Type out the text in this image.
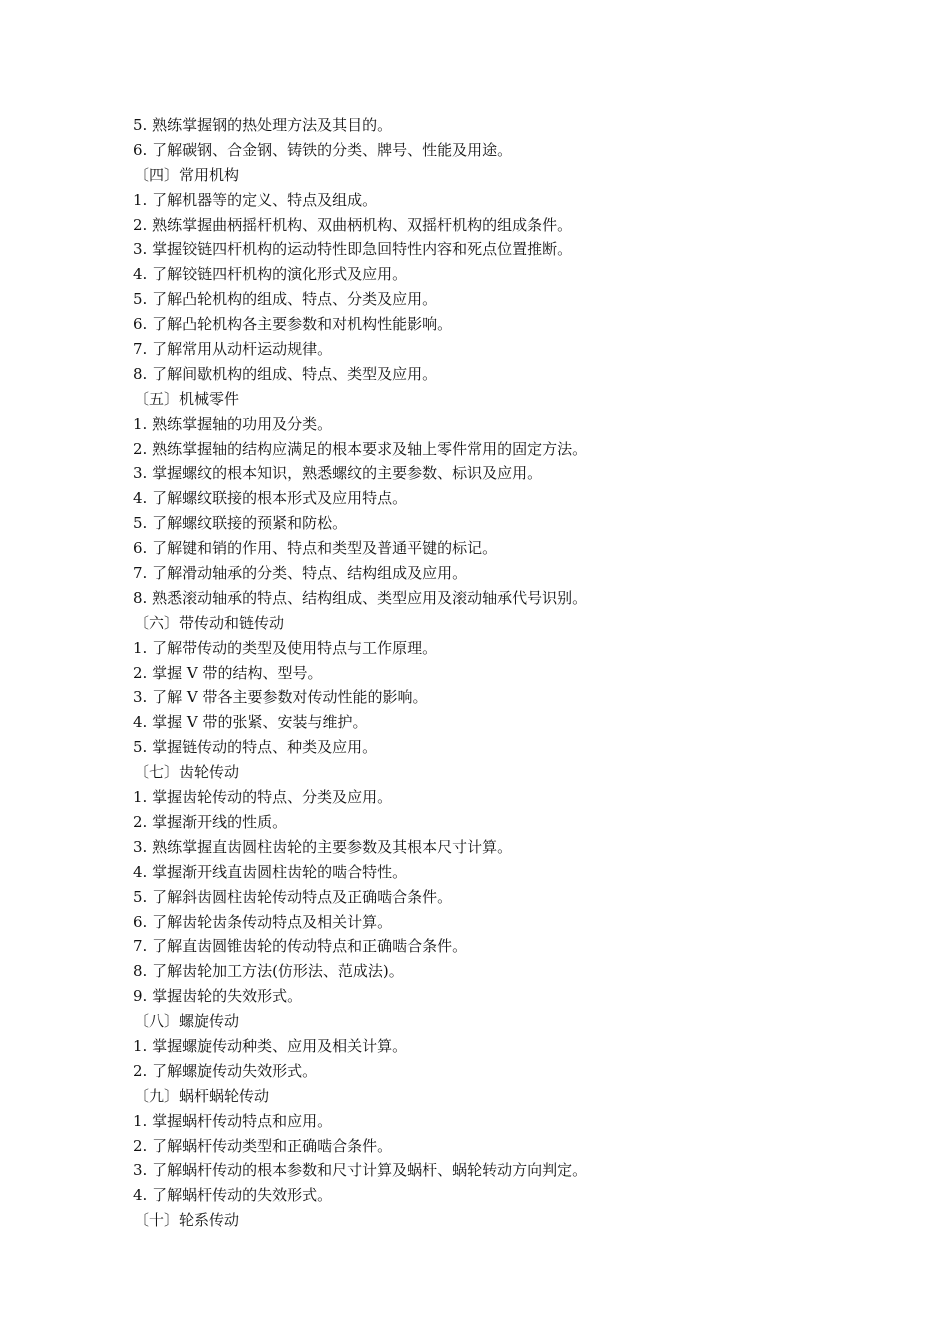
5. 熟练掌握钢的热处理方法及其目的。
6. 了解碳钢、合金钢、铸铁的分类、牌号、性能及用途。
〔四〕常用机构
1. 了解机器等的定义、特点及组成。
2. 熟练掌握曲柄摇杆机构、双曲柄机构、双摇杆机构的组成条件。
3. 掌握铰链四杆机构的运动特性即急回特性内容和死点位置推断。
4. 了解铰链四杆机构的演化形式及应用。
5. 了解凸轮机构的组成、特点、分类及应用。
6. 了解凸轮机构各主要参数和对机构性能影响。
7. 了解常用从动杆运动规律。
8. 了解间歇机构的组成、特点、类型及应用。
〔五〕机械零件
1. 熟练掌握轴的功用及分类。
2. 熟练掌握轴的结构应满足的根本要求及轴上零件常用的固定方法。
3. 掌握螺纹的根本知识，熟悉螺纹的主要参数、标识及应用。
4. 了解螺纹联接的根本形式及应用特点。
5. 了解螺纹联接的预紧和防松。
6. 了解键和销的作用、特点和类型及普通平键的标记。
7. 了解滑动轴承的分类、特点、结构组成及应用。
8. 熟悉滚动轴承的特点、结构组成、类型应用及滚动轴承代号识别。
〔六〕带传动和链传动
1. 了解带传动的类型及使用特点与工作原理。
2. 掌握 V 带的结构、型号。
3. 了解 V 带各主要参数对传动性能的影响。
4. 掌握 V 带的张紧、安装与维护。
5. 掌握链传动的特点、种类及应用。
〔七〕齿轮传动
1. 掌握齿轮传动的特点、分类及应用。
2. 掌握渐开线的性质。
3. 熟练掌握直齿圆柱齿轮的主要参数及其根本尺寸计算。
4. 掌握渐开线直齿圆柱齿轮的啮合特性。
5. 了解斜齿圆柱齿轮传动特点及正确啮合条件。
6. 了解齿轮齿条传动特点及相关计算。
7. 了解直齿圆锥齿轮的传动特点和正确啮合条件。
8. 了解齿轮加工方法(仿形法、范成法)。
9. 掌握齿轮的失效形式。
〔八〕螺旋传动
1. 掌握螺旋传动种类、应用及相关计算。
2. 了解螺旋传动失效形式。
〔九〕蜗杆蜗轮传动
1. 掌握蜗杆传动特点和应用。
2. 了解蜗杆传动类型和正确啮合条件。
3. 了解蜗杆传动的根本参数和尺寸计算及蜗杆、蜗轮转动方向判定。
4. 了解蜗杆传动的失效形式。
〔十〕轮系传动
